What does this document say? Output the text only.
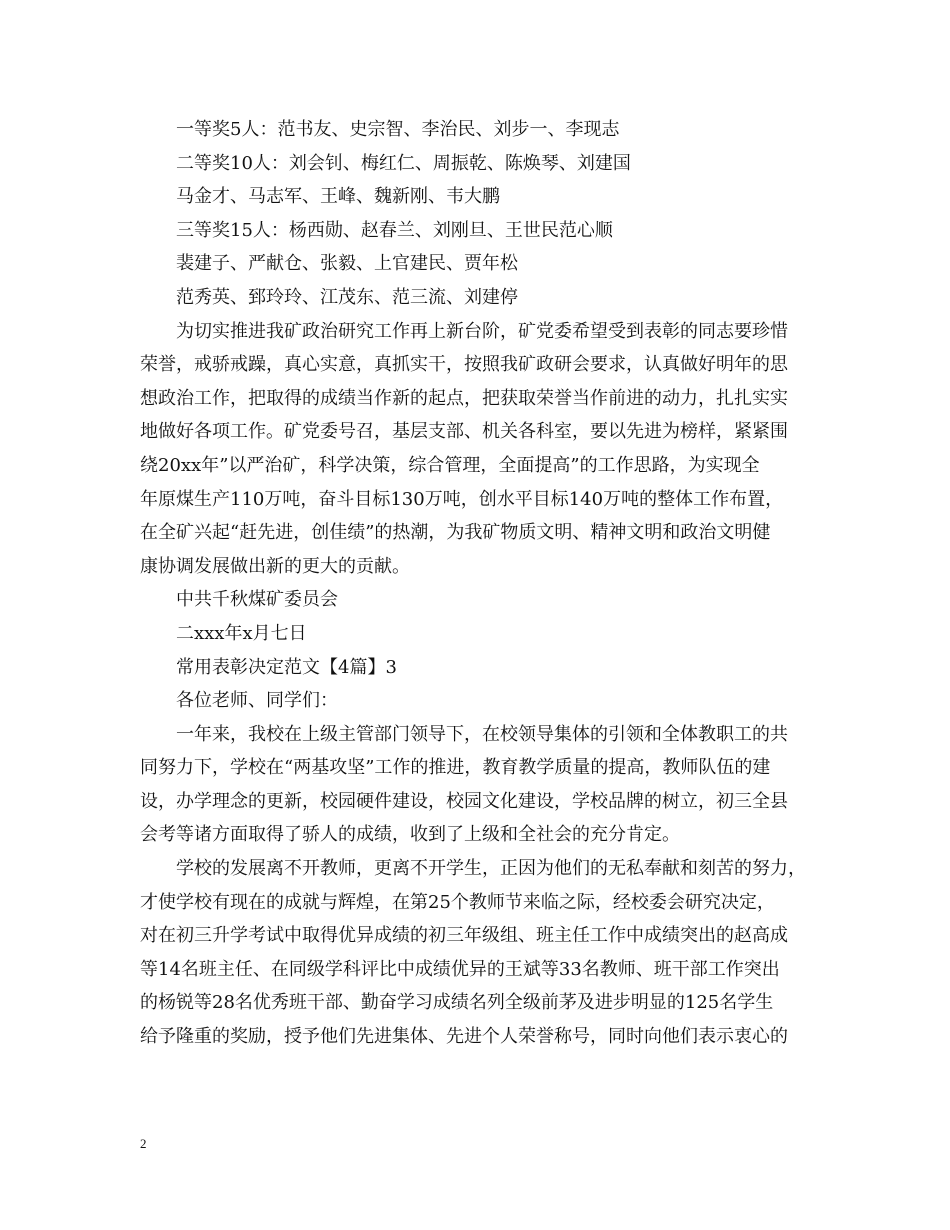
一等奖5人：范书友、史宗智、李治民、刘步一、李现志
二等奖10人：刘会钊、梅红仁、周振乾、陈焕琴、刘建国
马金才、马志军、王峰、魏新刚、韦大鹏
三等奖15人：杨西勋、赵春兰、刘刚旦、王世民范心顺
裴建子、严献仓、张毅、上官建民、贾年松
范秀英、郅玲玲、江茂东、范三流、刘建停
为切实推进我矿政治研究工作再上新台阶，矿党委希望受到表彰的同志要珍惜
荣誉，戒骄戒躁，真心实意，真抓实干，按照我矿政研会要求，认真做好明年的思
想政治工作，把取得的成绩当作新的起点，把获取荣誉当作前进的动力，扎扎实实
地做好各项工作。矿党委号召，基层支部、机关各科室，要以先进为榜样，紧紧围
绕20xx年”以严治矿，科学决策，综合管理，全面提高”的工作思路，为实现全
年原煤生产110万吨，奋斗目标130万吨，创水平目标140万吨的整体工作布置，
在全矿兴起“赶先进，创佳绩”的热潮，为我矿物质文明、精神文明和政治文明健
康协调发展做出新的更大的贡献。
中共千秋煤矿委员会
二xxx年x月七日
常用表彰决定范文【4篇】3
各位老师、同学们：
一年来，我校在上级主管部门领导下，在校领导集体的引领和全体教职工的共
同努力下，学校在“两基攻坚”工作的推进，教育教学质量的提高，教师队伍的建
设，办学理念的更新，校园硬件建设，校园文化建设，学校品牌的树立，初三全县
会考等诸方面取得了骄人的成绩，收到了上级和全社会的充分肯定。
学校的发展离不开教师，更离不开学生，正因为他们的无私奉献和刻苦的努力，
才使学校有现在的成就与辉煌，在第25个教师节来临之际，经校委会研究决定，
对在初三升学考试中取得优异成绩的初三年级组、班主任工作中成绩突出的赵高成
等14名班主任、在同级学科评比中成绩优异的王斌等33名教师、班干部工作突出
的杨锐等28名优秀班干部、勤奋学习成绩名列全级前茅及进步明显的125名学生
给予隆重的奖励，授予他们先进集体、先进个人荣誉称号，同时向他们表示衷心的
2
